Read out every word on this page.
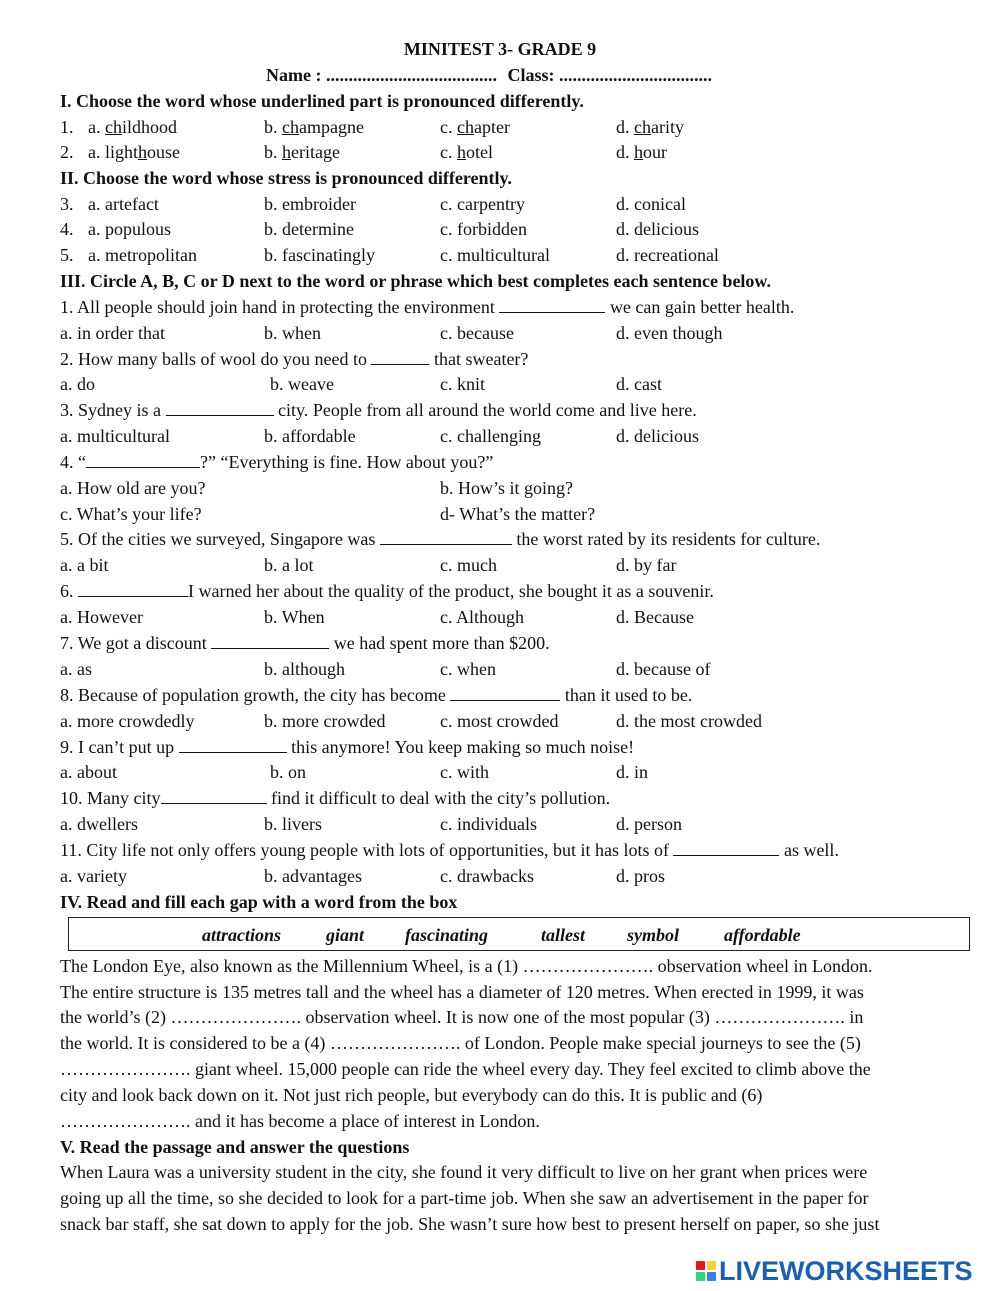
MINITEST 3- GRADE 9
Name : ...................................... Class: ..................................
I. Choose the word whose underlined part is pronounced differently.
1. a. childhood	b. champagne	c. chapter	d. charity
2. a. lighthouse	b. heritage	c. hotel	d. hour
II. Choose the word whose stress is pronounced differently.
3. a. artefact	b. embroider	c. carpentry	d. conical
4. a. populous	b. determine	c. forbidden	d. delicious
5. a. metropolitan	b. fascinatingly	c. multicultural	d. recreational
III. Circle A, B, C or D next to the word or phrase which best completes each sentence below.
1. All people should join hand in protecting the environment	we can gain better health.
a. in order that	b. when	c. because	d. even though
2. How many balls of wool do you need to	that sweater?
a. do	b. weave	c. knit	d. cast
3. Sydney is a	city. People from all around the world come and live here.
a. multicultural	b. affordable	c. challenging	d. delicious
4. “	?” “Everything is fine. How about you?”
a. How old are you?	b. How’s it going?
c. What’s your life?	d- What’s the matter?
5. Of the cities we surveyed, Singapore was	the worst rated by its residents for culture.
a. a bit	b. a lot	c. much	d. by far
6.	I warned her about the quality of the product, she bought it as a souvenir.
a. However	b. When	c. Although	d. Because
7. We got a discount	we had spent more than $200.
a. as	b. although	c. when	d. because of
8. Because of population growth, the city has become	than it used to be.
a. more crowdedly	b. more crowded	c. most crowded	d. the most crowded
9. I can’t put up	this anymore! You keep making so much noise!
a. about	b. on	c. with	d. in
10. Many city	find it difficult to deal with the city’s pollution.
a. dwellers	b. livers	c. individuals	d. person
11. City life not only offers young people with lots of opportunities, but it has lots of	as well.
a. variety	b. advantages	c. drawbacks	d. pros
IV. Read and fill each gap with a word from the box
attractions giant fascinating	tallest symbol	affordable
The London Eye, also known as the Millennium Wheel, is a (1) …………………. observation wheel in London.
The entire structure is 135 metres tall and the wheel has a diameter of 120 metres. When erected in 1999, it was
the world’s (2) …………………. observation wheel. It is now one of the most popular (3) …………………. in
the world. It is considered to be a (4) …………………. of London. People make special journeys to see the (5)
…………………. giant wheel. 15,000 people can ride the wheel every day. They feel excited to climb above the
city and look back down on it. Not just rich people, but everybody can do this. It is public and (6)
…………………. and it has become a place of interest in London.
V. Read the passage and answer the questions
When Laura was a university student in the city, she found it very difficult to live on her grant when prices were
going up all the time, so she decided to look for a part-time job. When she saw an advertisement in the paper for
snack bar staff, she sat down to apply for the job. She wasn’t sure how best to present herself on paper, so she just
LIVEWORKSHEETS
